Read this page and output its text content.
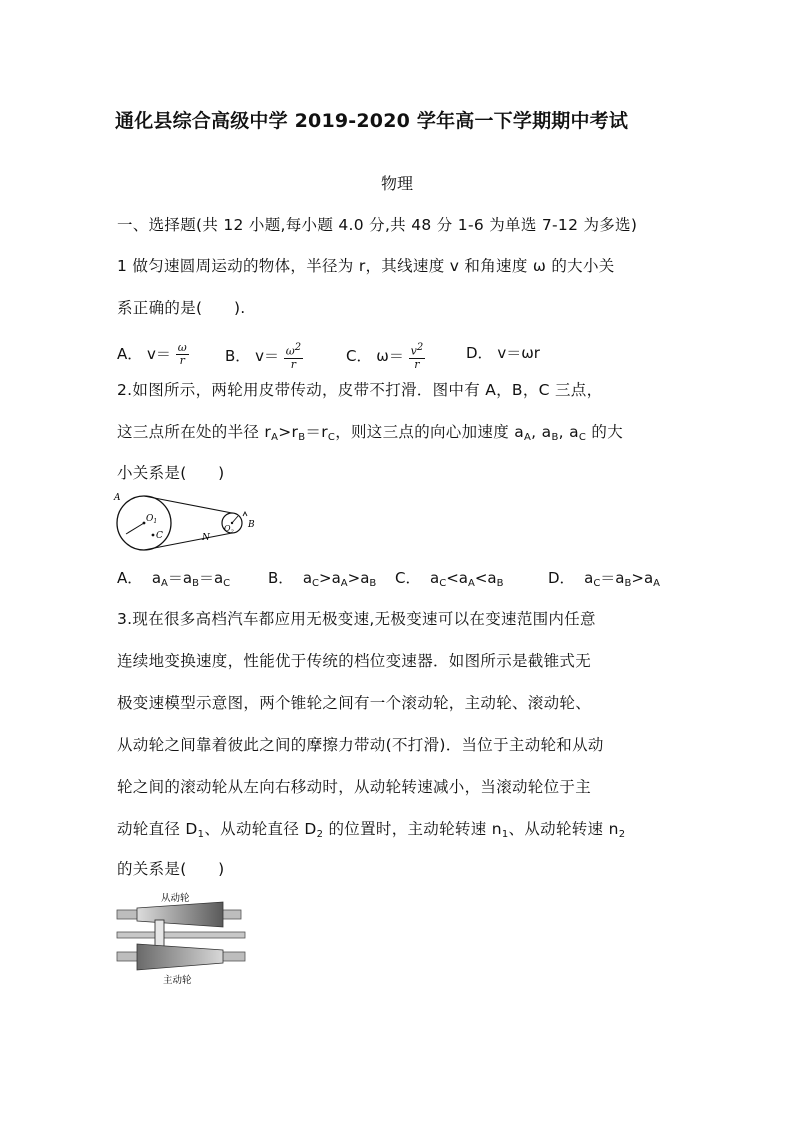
通化县综合高级中学 2019-2020 学年高一下学期期中考试
物理
一、选择题(共 12 小题,每小题 4.0 分,共 48 分 1-6 为单选 7-12 为多选)
1 做匀速圆周运动的物体，半径为 r，其线速度 v 和角速度 ω 的大小关
系正确的是(　　).
A． $v= \frac{\omega}{r}$ B． $v= \frac{\omega^2}{r}$	C． $\omega= \frac{v^2}{r}$	D． v＝ωr
2.如图所示，两轮用皮带传动，皮带不打滑．图中有 A，B，C 三点，
这三点所在处的半径 $r_A>r_B=r_C$，则这三点的向心加速度 $a_A$, $a_B$, $a_C$ 的大
小关系是(　　)
A
$O_1$
C	N
$O_2$
B
A． $a_A=a_B=a_C$	B． $a_C>a_A>a_B$ C． $a_C<a_A<a_B$	D． $a_C=a_B>a_A$
3.现在很多高档汽车都应用无极变速,无极变速可以在变速范围内任意
连续地变换速度，性能优于传统的档位变速器．如图所示是截锥式无
极变速模型示意图，两个锥轮之间有一个滚动轮，主动轮、滚动轮、
从动轮之间靠着彼此之间的摩擦力带动(不打滑)．当位于主动轮和从动
轮之间的滚动轮从左向右移动时，从动轮转速减小，当滚动轮位于主
动轮直径 $D_1$、从动轮直径 $D_2$ 的位置时，主动轮转速 $n_1$、从动轮转速 $n_2$
的关系是(　　)
从动轮
主动轮
